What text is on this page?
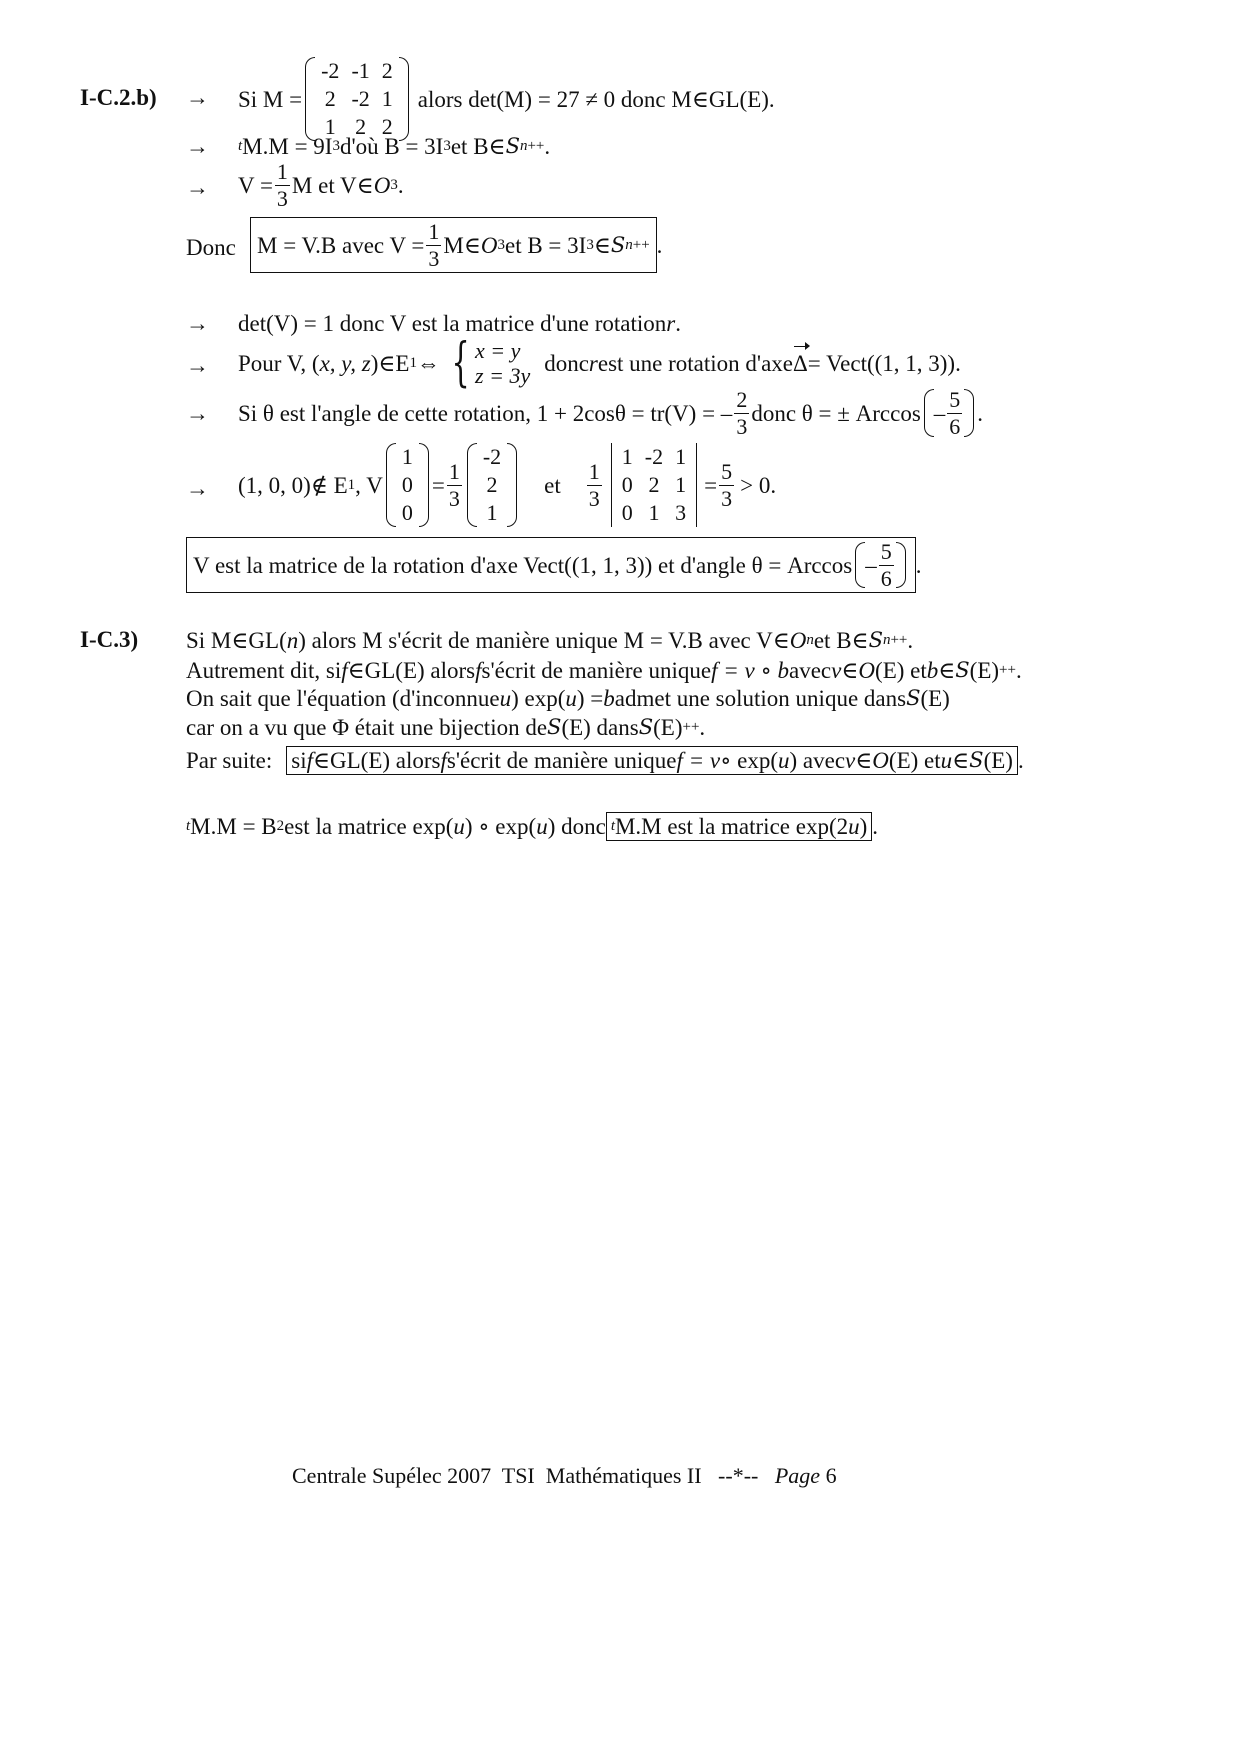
I-C.2.b) → Si M =
-2	-1	2
2	-2	1
1	2	2
alors det(M) = 27 ≠ 0 donc M∈GL(E).
→ t M.M = 9I 3 d'où B = 3I 3 et B∈ S n ++ .
→ $V = \frac{1}{3}$ M et V∈ O 3 .
Donc M = V.B avec $V = \frac{1}{3}$ M∈ O 3 et B = 3I 3 ∈ S n ++ .
→ det(V) = 1 donc V est la matrice d'une rotation r .
→ Pour V, ( x, y, z )∈E 1 ⇔ { x = y
z = 3y donc r est une rotation d'axe Δ = Vect((1, 1, 3)).
→ Si θ est l'angle de cette rotation, 1 + 2cosθ = tr(V) = – $\frac{2}{3}$ donc θ = ± Arccos – $\frac{5}{6}$ .
→ (1, 0, 0)∉ E 1 , V
1
0
0
= $\frac{1}{3}$
-2
2
1
et $\frac{1}{3}$
1	-2	1
0	2	1
0	1	3
= $\frac{5}{3} > 0$.
V est la matrice de la rotation d'axe Vect((1, 1, 3)) et d'angle $\theta = Arccos - \frac{5}{6}$ .
I-C.3) Si M∈GL( n ) alors M s'écrit de manière unique M = V.B avec V∈ O n et B∈ S n ++ .
Autrement dit, si f ∈GL(E) alors f s'écrit de manière unique f = v ∘ b avec v ∈ O (E) et b ∈ S (E) ++ .
On sait que l'équation (d'inconnue u ) exp( u ) = b admet une solution unique dans S (E)
car on a vu que Φ était une bijection de S (E) dans S (E) ++ .
Par suite: si f ∈GL(E) alors f s'écrit de manière unique f = v ∘ exp( u ) avec v ∈ O (E) et u ∈ S (E) .
t M.M = B 2 est la matrice exp( u ) ∘ exp( u ) donc t M.M est la matrice exp(2 u ) .
Centrale Supélec 2007  TSI  Mathématiques II   --*-- Page 6
